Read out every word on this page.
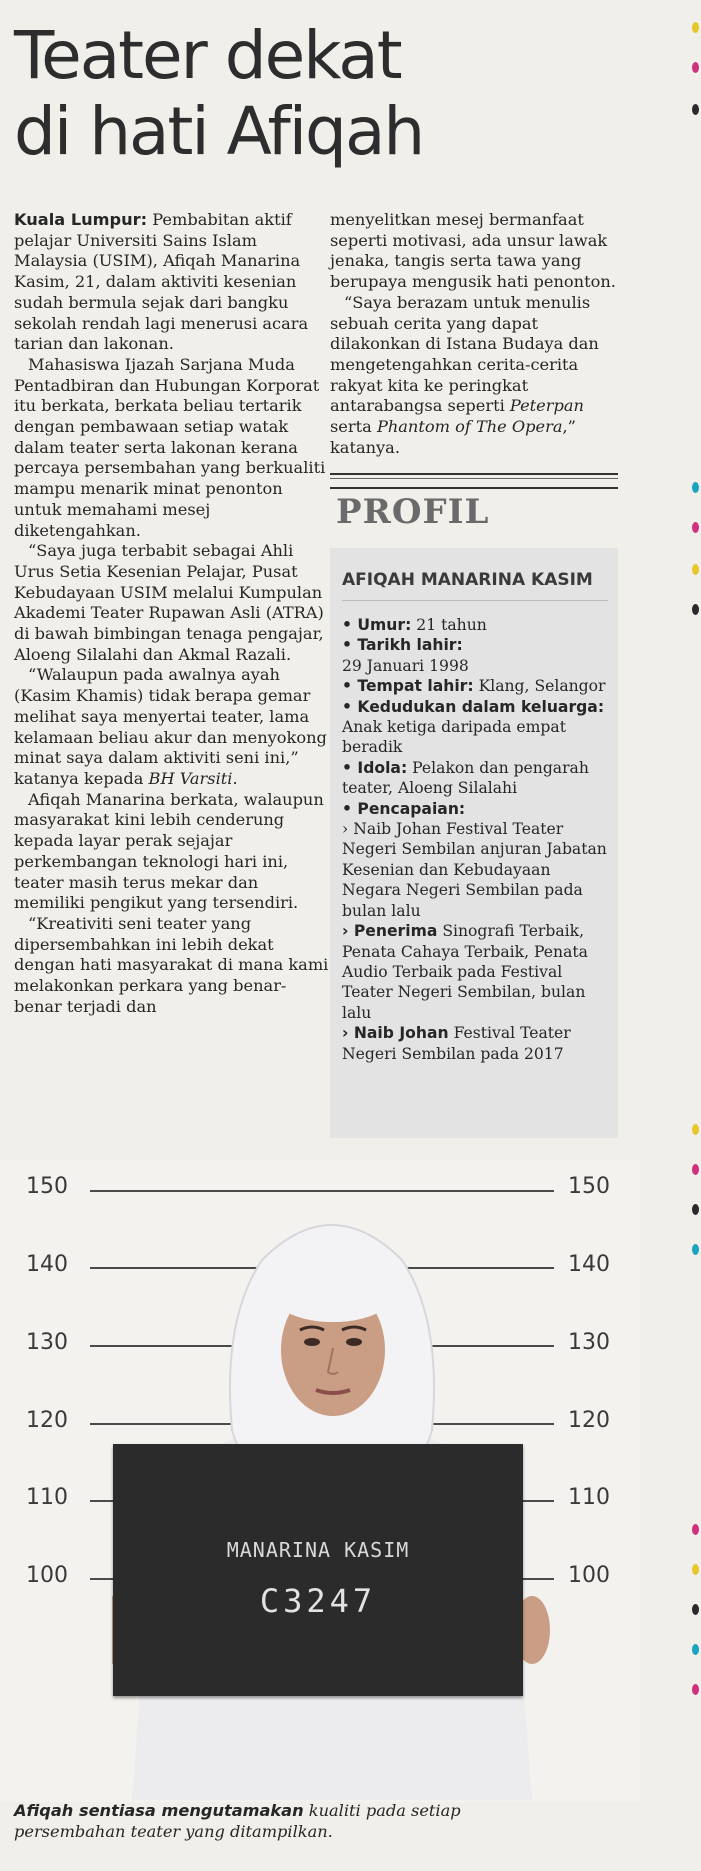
Teater dekat
di hati Afiqah

Kuala Lumpur: Pembabitan aktif pelajar Universiti Sains Islam Malaysia (USIM), Afiqah Manarina Kasim, 21, dalam aktiviti kesenian sudah bermula sejak dari bangku sekolah rendah lagi menerusi acara tarian dan lakonan.

Mahasiswa Ijazah Sarjana Muda Pentadbiran dan Hubungan Korporat itu berkata, berkata beliau tertarik dengan pembawaan setiap watak dalam teater serta lakonan kerana percaya persembahan yang berkualiti mampu menarik minat penonton untuk memahami mesej diketengahkan.

“Saya juga terbabit sebagai Ahli Urus Setia Kesenian Pelajar, Pusat Kebudayaan USIM melalui Kumpulan Akademi Teater Rupawan Asli (ATRA) di bawah bimbingan tenaga pengajar, Aloeng Silalahi dan Akmal Razali.

“Walaupun pada awalnya ayah (Kasim Khamis) tidak berapa gemar melihat saya menyertai teater, lama kelamaan beliau akur dan menyokong minat saya dalam aktiviti seni ini,” katanya kepada BH Varsiti.

Afiqah Manarina berkata, walaupun masyarakat kini lebih cenderung kepada layar perak sejajar perkembangan teknologi hari ini, teater masih terus mekar dan memiliki pengikut yang tersendiri.

“Kreativiti seni teater yang dipersembahkan ini lebih dekat dengan hati masyarakat di mana kami melakonkan perkara yang benar-benar terjadi dan

menyelitkan mesej bermanfaat seperti motivasi, ada unsur lawak jenaka, tangis serta tawa yang berupaya mengusik hati penonton.

“Saya berazam untuk menulis sebuah cerita yang dapat dilakonkan di Istana Budaya dan mengetengahkan cerita-cerita rakyat kita ke peringkat antarabangsa seperti Peterpan serta Phantom of The Opera,” katanya.

PROFIL

AFIQAH MANARINA KASIM

• Umur: 21 tahun

• Tarikh lahir:
29 Januari 1998

• Tempat lahir: Klang, Selangor

• Kedudukan dalam keluarga: Anak ketiga daripada empat beradik

• Idola: Pelakon dan pengarah teater, Aloeng Silalahi

• Pencapaian:

› Naib Johan Festival Teater Negeri Sembilan anjuran Jabatan Kesenian dan Kebudayaan Negara Negeri Sembilan pada bulan lalu

› Penerima Sinografi Terbaik, Penata Cahaya Terbaik, Penata Audio Terbaik pada Festival Teater Negeri Sembilan, bulan lalu

› Naib Johan Festival Teater Negeri Sembilan pada 2017

150
140
130
120
110
100
150
140
130
120
110
100

MANARINA KASIM

C3247

Afiqah sentiasa mengutamakan kualiti pada setiap persembahan teater yang ditampilkan.
